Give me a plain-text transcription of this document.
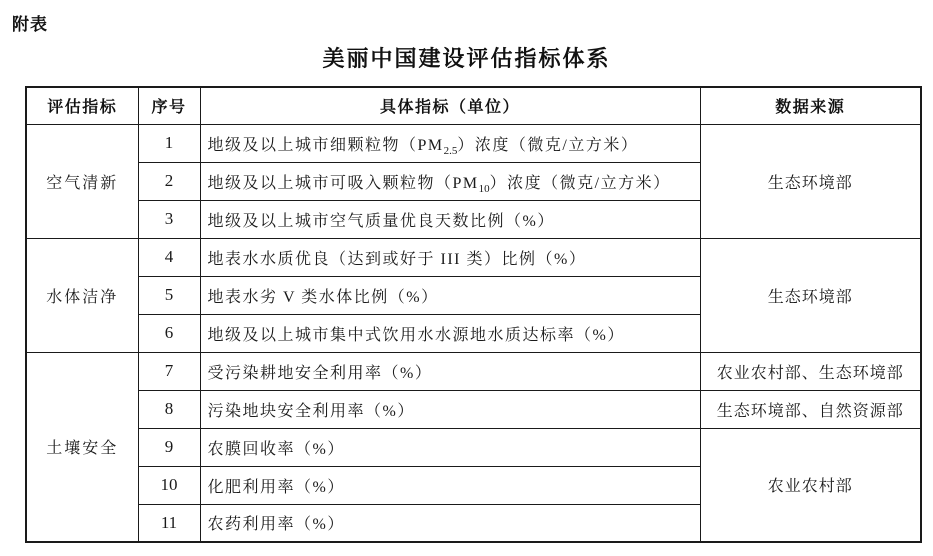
附表
美丽中国建设评估指标体系
评估指标	序号	具体指标（单位）	数据来源
空气清新	1	地级及以上城市细颗粒物$(PM_{2.5})$浓度（微克/立方米）	生态环境部
	2	地级及以上城市可吸入颗粒物$(PM_{10})$浓度（微克/立方米）	
	3	地级及以上城市空气质量优良天数比例（%）	
水体洁净	4	地表水水质优良（达到或好于 III 类）比例（%）	生态环境部
	5	地表水劣 V 类水体比例（%）	
	6	地级及以上城市集中式饮用水水源地水质达标率（%）	
土壤安全	7	受污染耕地安全利用率（%）	农业农村部、生态环境部
	8	污染地块安全利用率（%）	生态环境部、自然资源部
	9	农膜回收率（%）	农业农村部
	10	化肥利用率（%）	
	11	农药利用率（%）	
